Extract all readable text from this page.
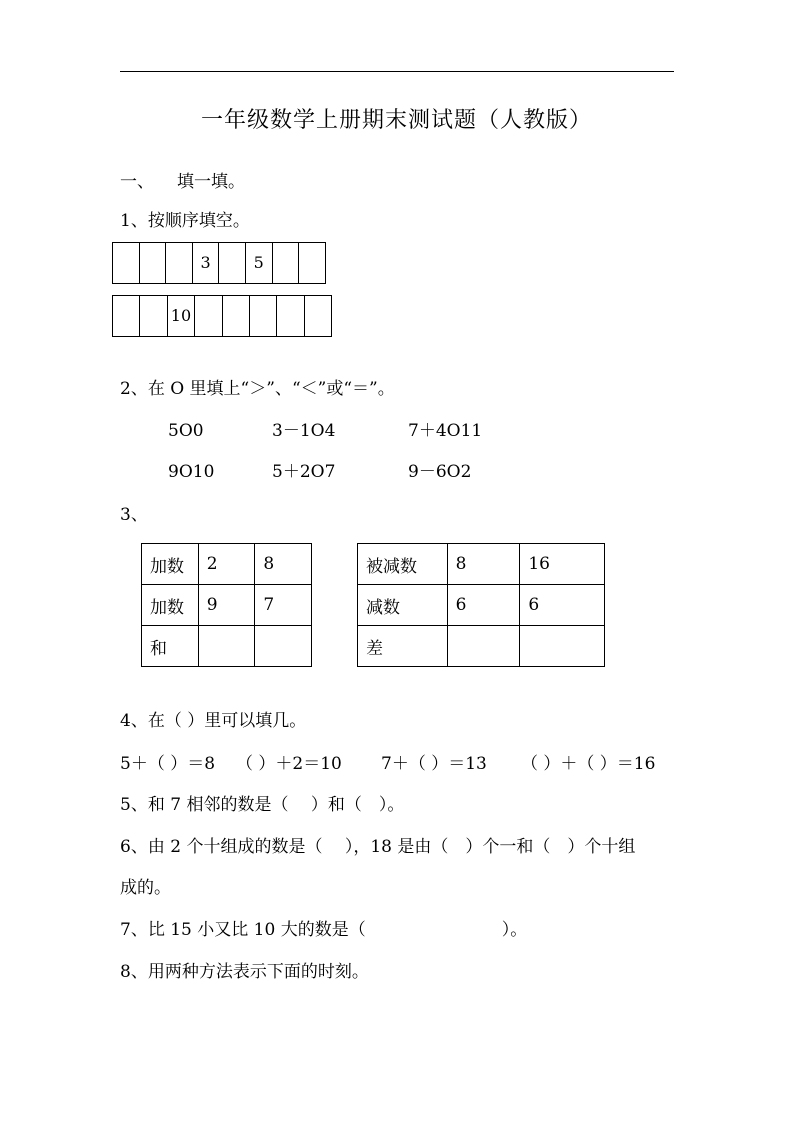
一年级数学上册期末测试题（人教版）
一、 填一填。
1、按顺序填空。
3	5
10
2、在 O 里填上“＞”、“＜”或“＝”。
5O0	3－1O4	7＋4O11
9O10	5＋2O7	9－6O2
3、
加数	2	8
加数	9	7
和		
被减数	8	16
减数	6	6
差		
4、在（ ）里可以填几。
5＋（ ）＝8 （ ）＋2＝10 7＋（ ）＝13 （ ）＋（ ）＝16
5、和 7 相邻的数是（　 ）和（　）。
6、由 2 个十组成的数是（　 ），18 是由（　）个一和（　）个十组
成的。
7、比 15 小又比 10 大的数是（　　　　　　　　）。
8、用两种方法表示下面的时刻。
